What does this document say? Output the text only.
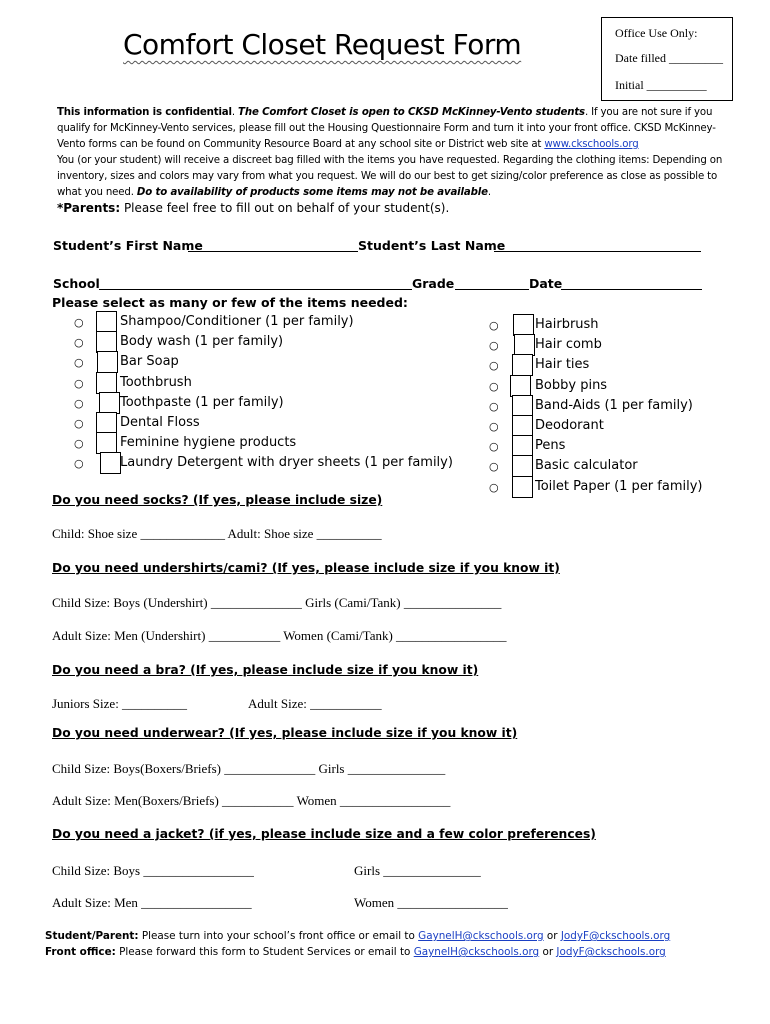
Comfort Closet Request Form	Office Use Only:
Date filled _________
Initial __________
This information is confidential. The Comfort Closet is open to CKSD McKinney-Vento students. If you are not sure if you qualify for McKinney-Vento services, please fill out the Housing Questionnaire Form and turn it into your front office. CKSD McKinney-Vento forms can be found on Community Resource Board at any school site or District web site at www.ckschools.org
You (or your student) will receive a discreet bag filled with the items you have requested. Regarding the clothing items: Depending on inventory, sizes and colors may vary from what you request. We will do our best to get sizing/color preference as close as possible to what you need. Do to availability of products some items may not be available.
*Parents: Please feel free to fill out on behalf of your student(s).
Student’s First Name	Student’s Last Name
School	Grade	Date
Please select as many or few of the items needed:
○	Shampoo/Conditioner (1 per family)
○	Body wash (1 per family)
○	Bar Soap
○	Toothbrush
○	Toothpaste (1 per family)
○	Dental Floss
○	Feminine hygiene products
○	Laundry Detergent with dryer sheets (1 per family)
○	Hairbrush
○	Hair comb
○	Hair ties
○	Bobby pins
○	Band-Aids (1 per family)
○	Deodorant
○	Pens
○	Basic calculator
○	Toilet Paper (1 per family)
Do you need socks? (If yes, please include size)
Child: Shoe size _____________ Adult: Shoe size __________
Do you need undershirts/cami? (If yes, please include size if you know it)
Child Size: Boys (Undershirt) ______________ Girls (Cami/Tank) _______________
Adult Size: Men (Undershirt) ___________ Women (Cami/Tank) _________________
Do you need a bra? (If yes, please include size if you know it)
Juniors Size: __________	Adult Size: ___________
Do you need underwear? (If yes, please include size if you know it)
Child Size: Boys(Boxers/Briefs) ______________ Girls _______________
Adult Size: Men(Boxers/Briefs) ___________ Women _________________
Do you need a jacket? (if yes, please include size and a few color preferences)
Child Size: Boys _________________	Girls _______________
Adult Size: Men _________________	Women _________________
Student/Parent: Please turn into your school’s front office or email to GaynelH@ckschools.org or JodyF@ckschools.org
Front office: Please forward this form to Student Services or email to GaynelH@ckschools.org or JodyF@ckschools.org
